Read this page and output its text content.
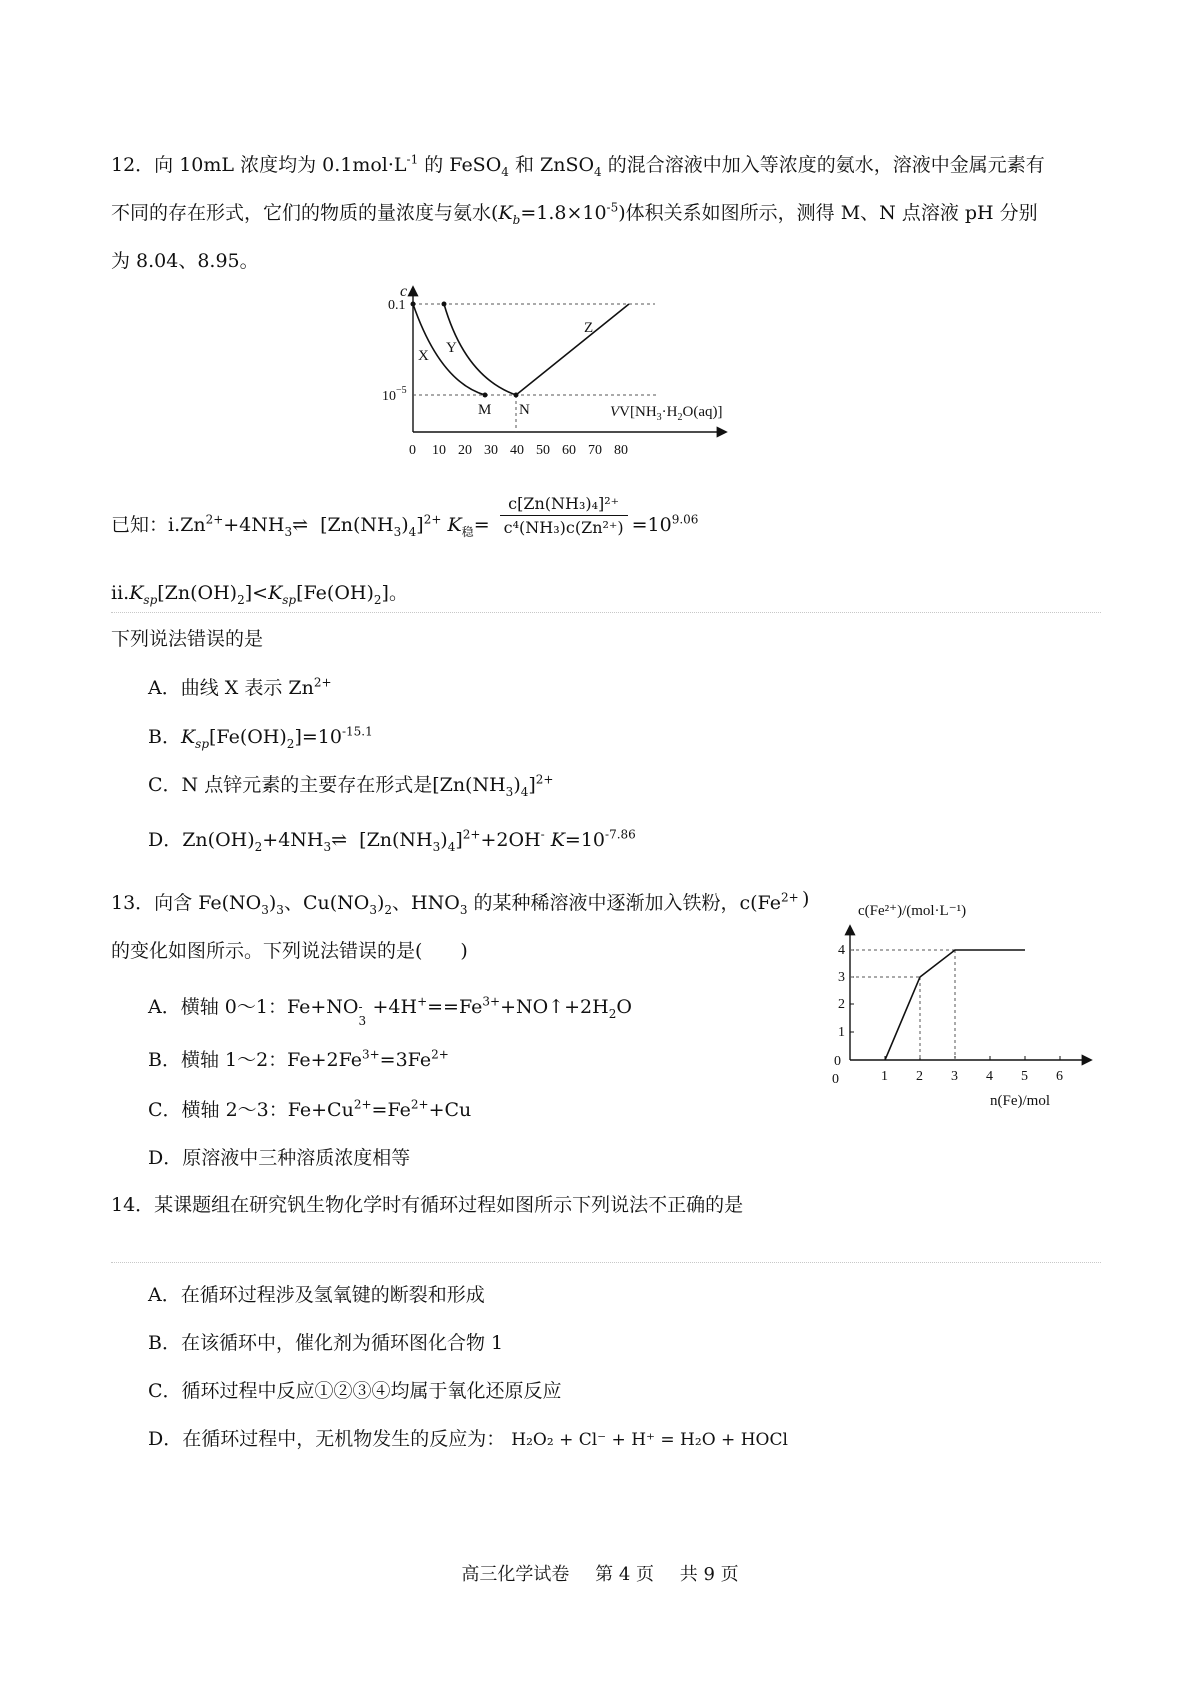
12．向 10mL 浓度均为 $0.1mol\cdot L^{-1}$ 的 FeSO$_4$ 和 ZnSO$_4$ 的混合溶液中加入等浓度的氨水，溶液中金属元素有
不同的存在形式，它们的物质的量浓度与氨水$(K_b=1.8\times 10^{-5})$体积关系如图所示，测得 M、N 点溶液 pH 分别
为 8.04、8.95。
c
0.1
$10^{-5}$
X Y
Z
M N	$VV[NH_3\cdot H_2O(aq)]$
0 10 20 30 40 50 60 70 80
已知：$i.Zn^{2+}+4NH_3\rightleftharpoons$ $[Zn(NH_3)_4]^{2+}$ $K_稳= \frac{\text{c[Zn(NH₃)₄]²⁺}}{\text{c⁴(NH₃)c(Zn²⁺)}} =10^{9.06}$
$ii.K_{sp}[Zn(OH)_2]<K_{sp}[Fe(OH)_2]$。
下列说法错误的是
A．曲线 X 表示 $Zn^{2+}$
B．$K_{sp}[Fe(OH)_2]=10^{-15.1}$
C．N 点锌元素的主要存在形式是$[Zn(NH_3)_4]^{2+}$
D．$Zn(OH)_2+4NH_3\rightleftharpoons$ $[Zn(NH_3)_4]^{2+}+2OH^-$ $K=10^{-7.86}$
13．向含 $Fe(NO_3)_3$、$Cu(NO_3)_2$、$HNO_3$ 的某种稀溶液中逐渐加入铁粉，$c(Fe^{2+}$ )
的变化如图所示。下列说法错误的是(　　)
A．横轴 0～1：Fe+NO -
3
$+4H^+==Fe^{3+}+NO↑+2H_2O$
B．横轴 1～2：$Fe+2Fe^{3+}=3Fe^{2+}$
C．横轴 2～3：$Fe+Cu^{2+}=Fe^{2+}+Cu$
D．原溶液中三种溶质浓度相等
c(Fe²⁺)/(mol·L⁻¹)
0
1
2
3
4
1 2 3 4 5 6
0
n(Fe)/mol
14．某课题组在研究钒生物化学时有循环过程如图所示下列说法不正确的是
A．在循环过程涉及氢氧键的断裂和形成
B．在该循环中，催化剂为循环图化合物 1
C．循环过程中反应①②③④均属于氧化还原反应
D．在循环过程中，无机物发生的反应为： H₂O₂ + Cl⁻ + H⁺ = H₂O + HOCl
高三化学试卷 第 4 页 共 9 页
